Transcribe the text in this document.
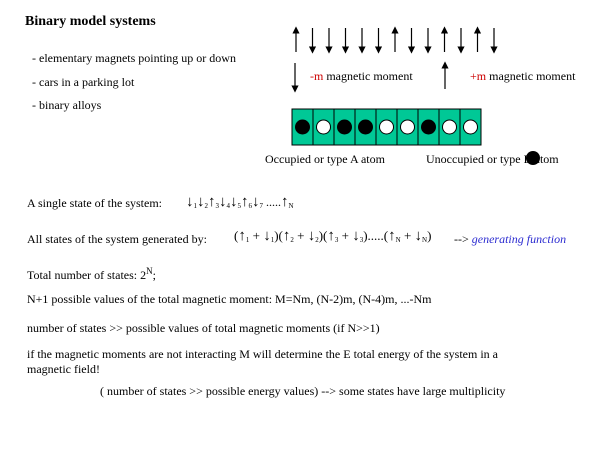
Binary model systems
- elementary magnets pointing up or down
- cars in a parking lot
- binary alloys
-m magnetic moment	+m magnetic moment
Occupied or type A atom	Unoccupied or type B atom
A single state of the system: $↓_1↓_2↑_3↓_4↓_5↑_6↓_7$ $.....↑_N$
All states of the system generated by: ($↑_1$ + $↓_1)(↑_2$ + $↓_2)(↑_3$ + $↓_3).....(↑_N$ + $↓_N$) --> generating function
Total number of states: $2^N$;
N+1 possible values of the total magnetic moment: M=Nm, (N-2)m, (N-4)m, ...-Nm
number of states >> possible values of total magnetic moments (if N>>1)
if the magnetic moments are not interacting M will determine the E total energy of the system in a
magnetic field!
( number of states >> possible energy values) --> some states have large multiplicity
